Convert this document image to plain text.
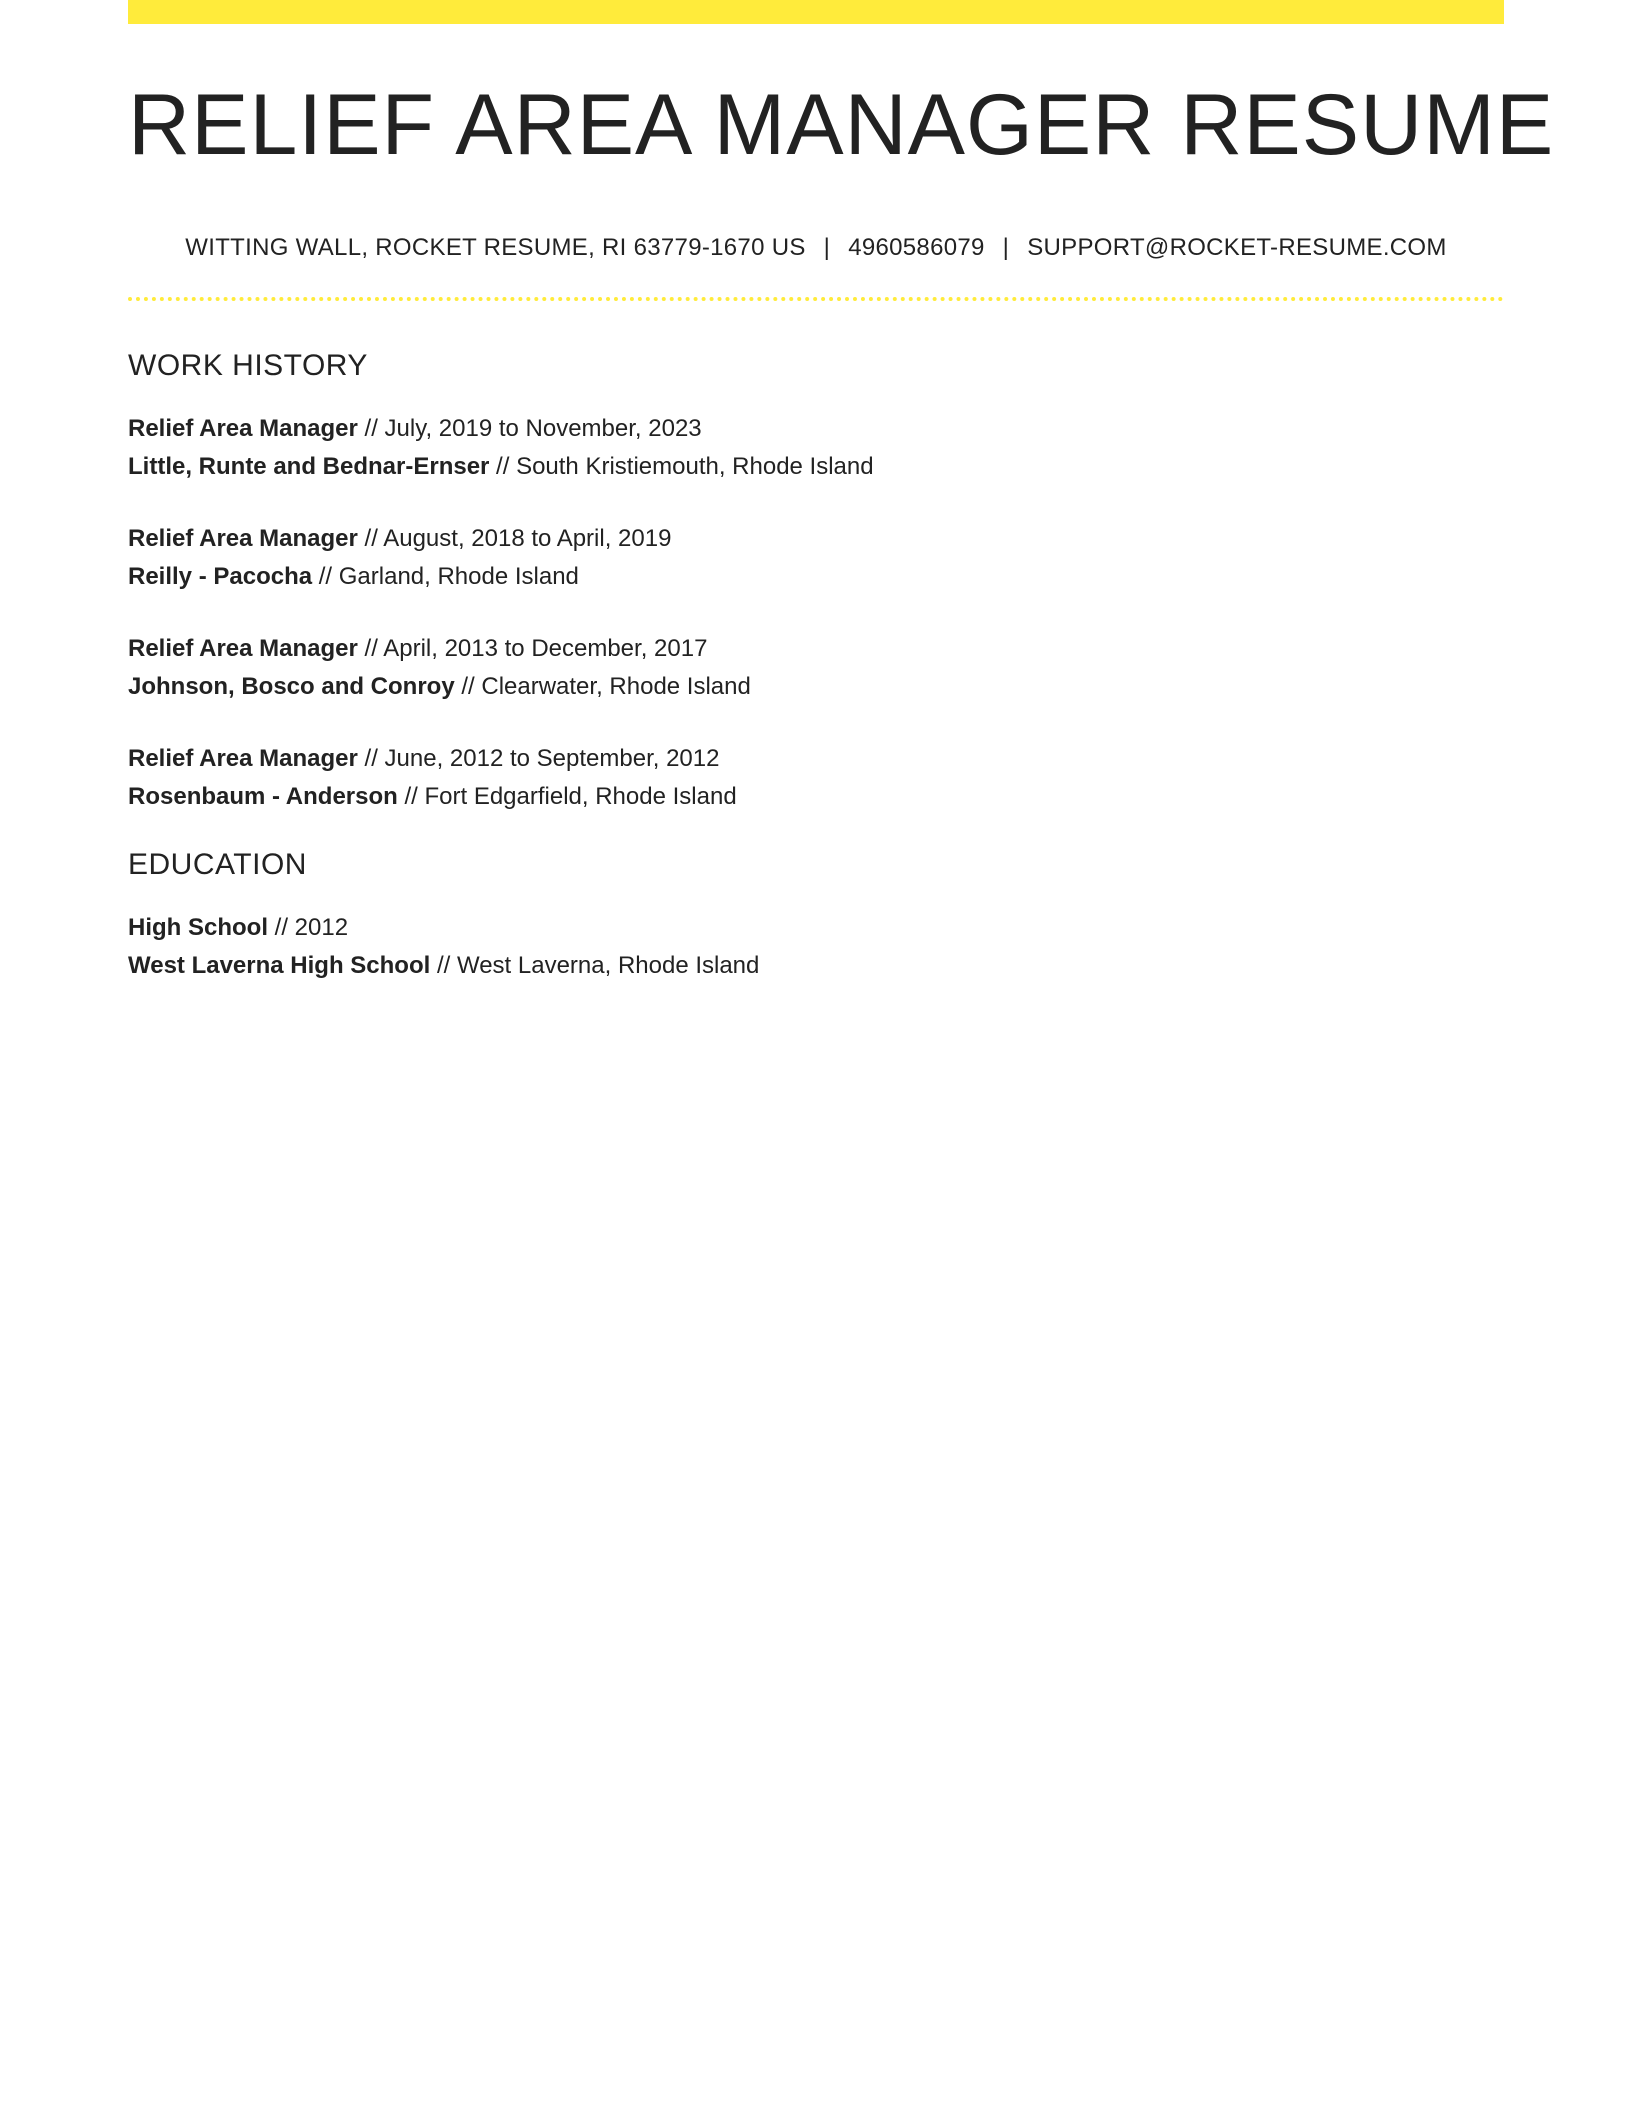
RELIEF AREA MANAGER RESUME
WITTING WALL, ROCKET RESUME, RI 63779-1670 US | 4960586079 | SUPPORT@ROCKET-RESUME.COM
WORK HISTORY
Relief Area Manager // July, 2019 to November, 2023
Little, Runte and Bednar-Ernser // South Kristiemouth, Rhode Island
Relief Area Manager // August, 2018 to April, 2019
Reilly - Pacocha // Garland, Rhode Island
Relief Area Manager // April, 2013 to December, 2017
Johnson, Bosco and Conroy // Clearwater, Rhode Island
Relief Area Manager // June, 2012 to September, 2012
Rosenbaum - Anderson // Fort Edgarfield, Rhode Island
EDUCATION
High School // 2012
West Laverna High School // West Laverna, Rhode Island
